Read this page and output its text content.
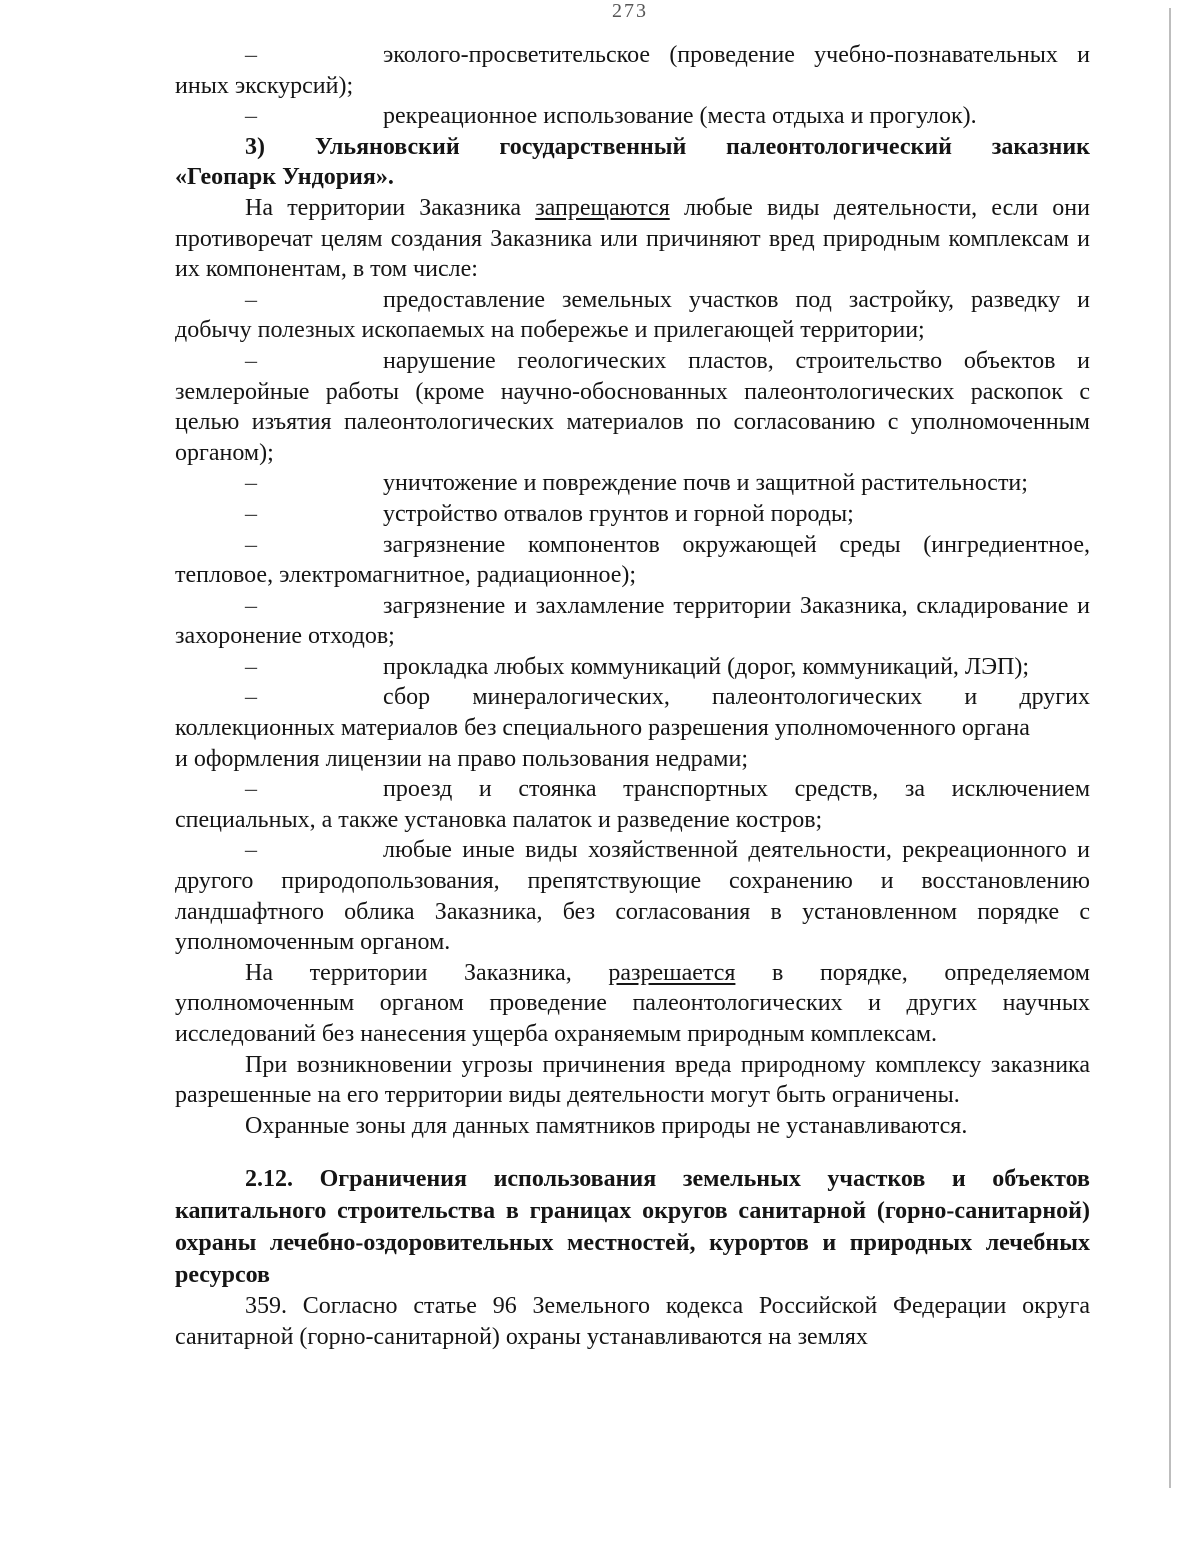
273

–	эколого-просветительское (проведение учебно-познавательных и иных экскурсий);

–	рекреационное использование (места отдыха и прогулок).

3) Ульяновский государственный палеонтологический заказник «Геопарк Ундория».

На территории Заказника запрещаются любые виды деятельности, если они противоречат целям создания Заказника или причиняют вред природным комплексам и их компонентам, в том числе:

–	предоставление земельных участков под застройку, разведку и добычу полезных ископаемых на побережье и прилегающей территории;

–	нарушение геологических пластов, строительство объектов и землеройные работы (кроме научно-обоснованных палеонтологических раскопок с целью изъятия палеонтологических материалов по согласованию с уполномоченным органом);

–	уничтожение и повреждение почв и защитной растительности;

–	устройство отвалов грунтов и горной породы;

–	загрязнение компонентов окружающей среды (ингредиентное, тепловое, электромагнитное, радиационное);

–	загрязнение и захламление территории Заказника, складирование и захоронение отходов;

–	прокладка любых коммуникаций (дорог, коммуникаций, ЛЭП);

–	сбор минералогических, палеонтологических и других коллекционных материалов без специального разрешения уполномоченного органа

и оформления лицензии на право пользования недрами;

–	проезд и стоянка транспортных средств, за исключением специальных, а также установка палаток и разведение костров;

–	любые иные виды хозяйственной деятельности, рекреационного и другого природопользования, препятствующие сохранению и восстановлению ландшафтного облика Заказника, без согласования в установленном порядке с уполномоченным органом.

На территории Заказника, разрешается в порядке, определяемом уполномоченным органом проведение палеонтологических и других научных исследований без нанесения ущерба охраняемым природным комплексам.

При возникновении угрозы причинения вреда природному комплексу заказника разрешенные на его территории виды деятельности могут быть ограничены.

Охранные зоны для данных памятников природы не устанавливаются.

2.12. Ограничения использования земельных участков и объектов капитального строительства в границах округов санитарной (горно-санитарной) охраны лечебно-оздоровительных местностей, курортов и природных лечебных ресурсов

359. Согласно статье 96 Земельного кодекса Российской Федерации округа санитарной (горно-санитарной) охраны устанавливаются на землях
